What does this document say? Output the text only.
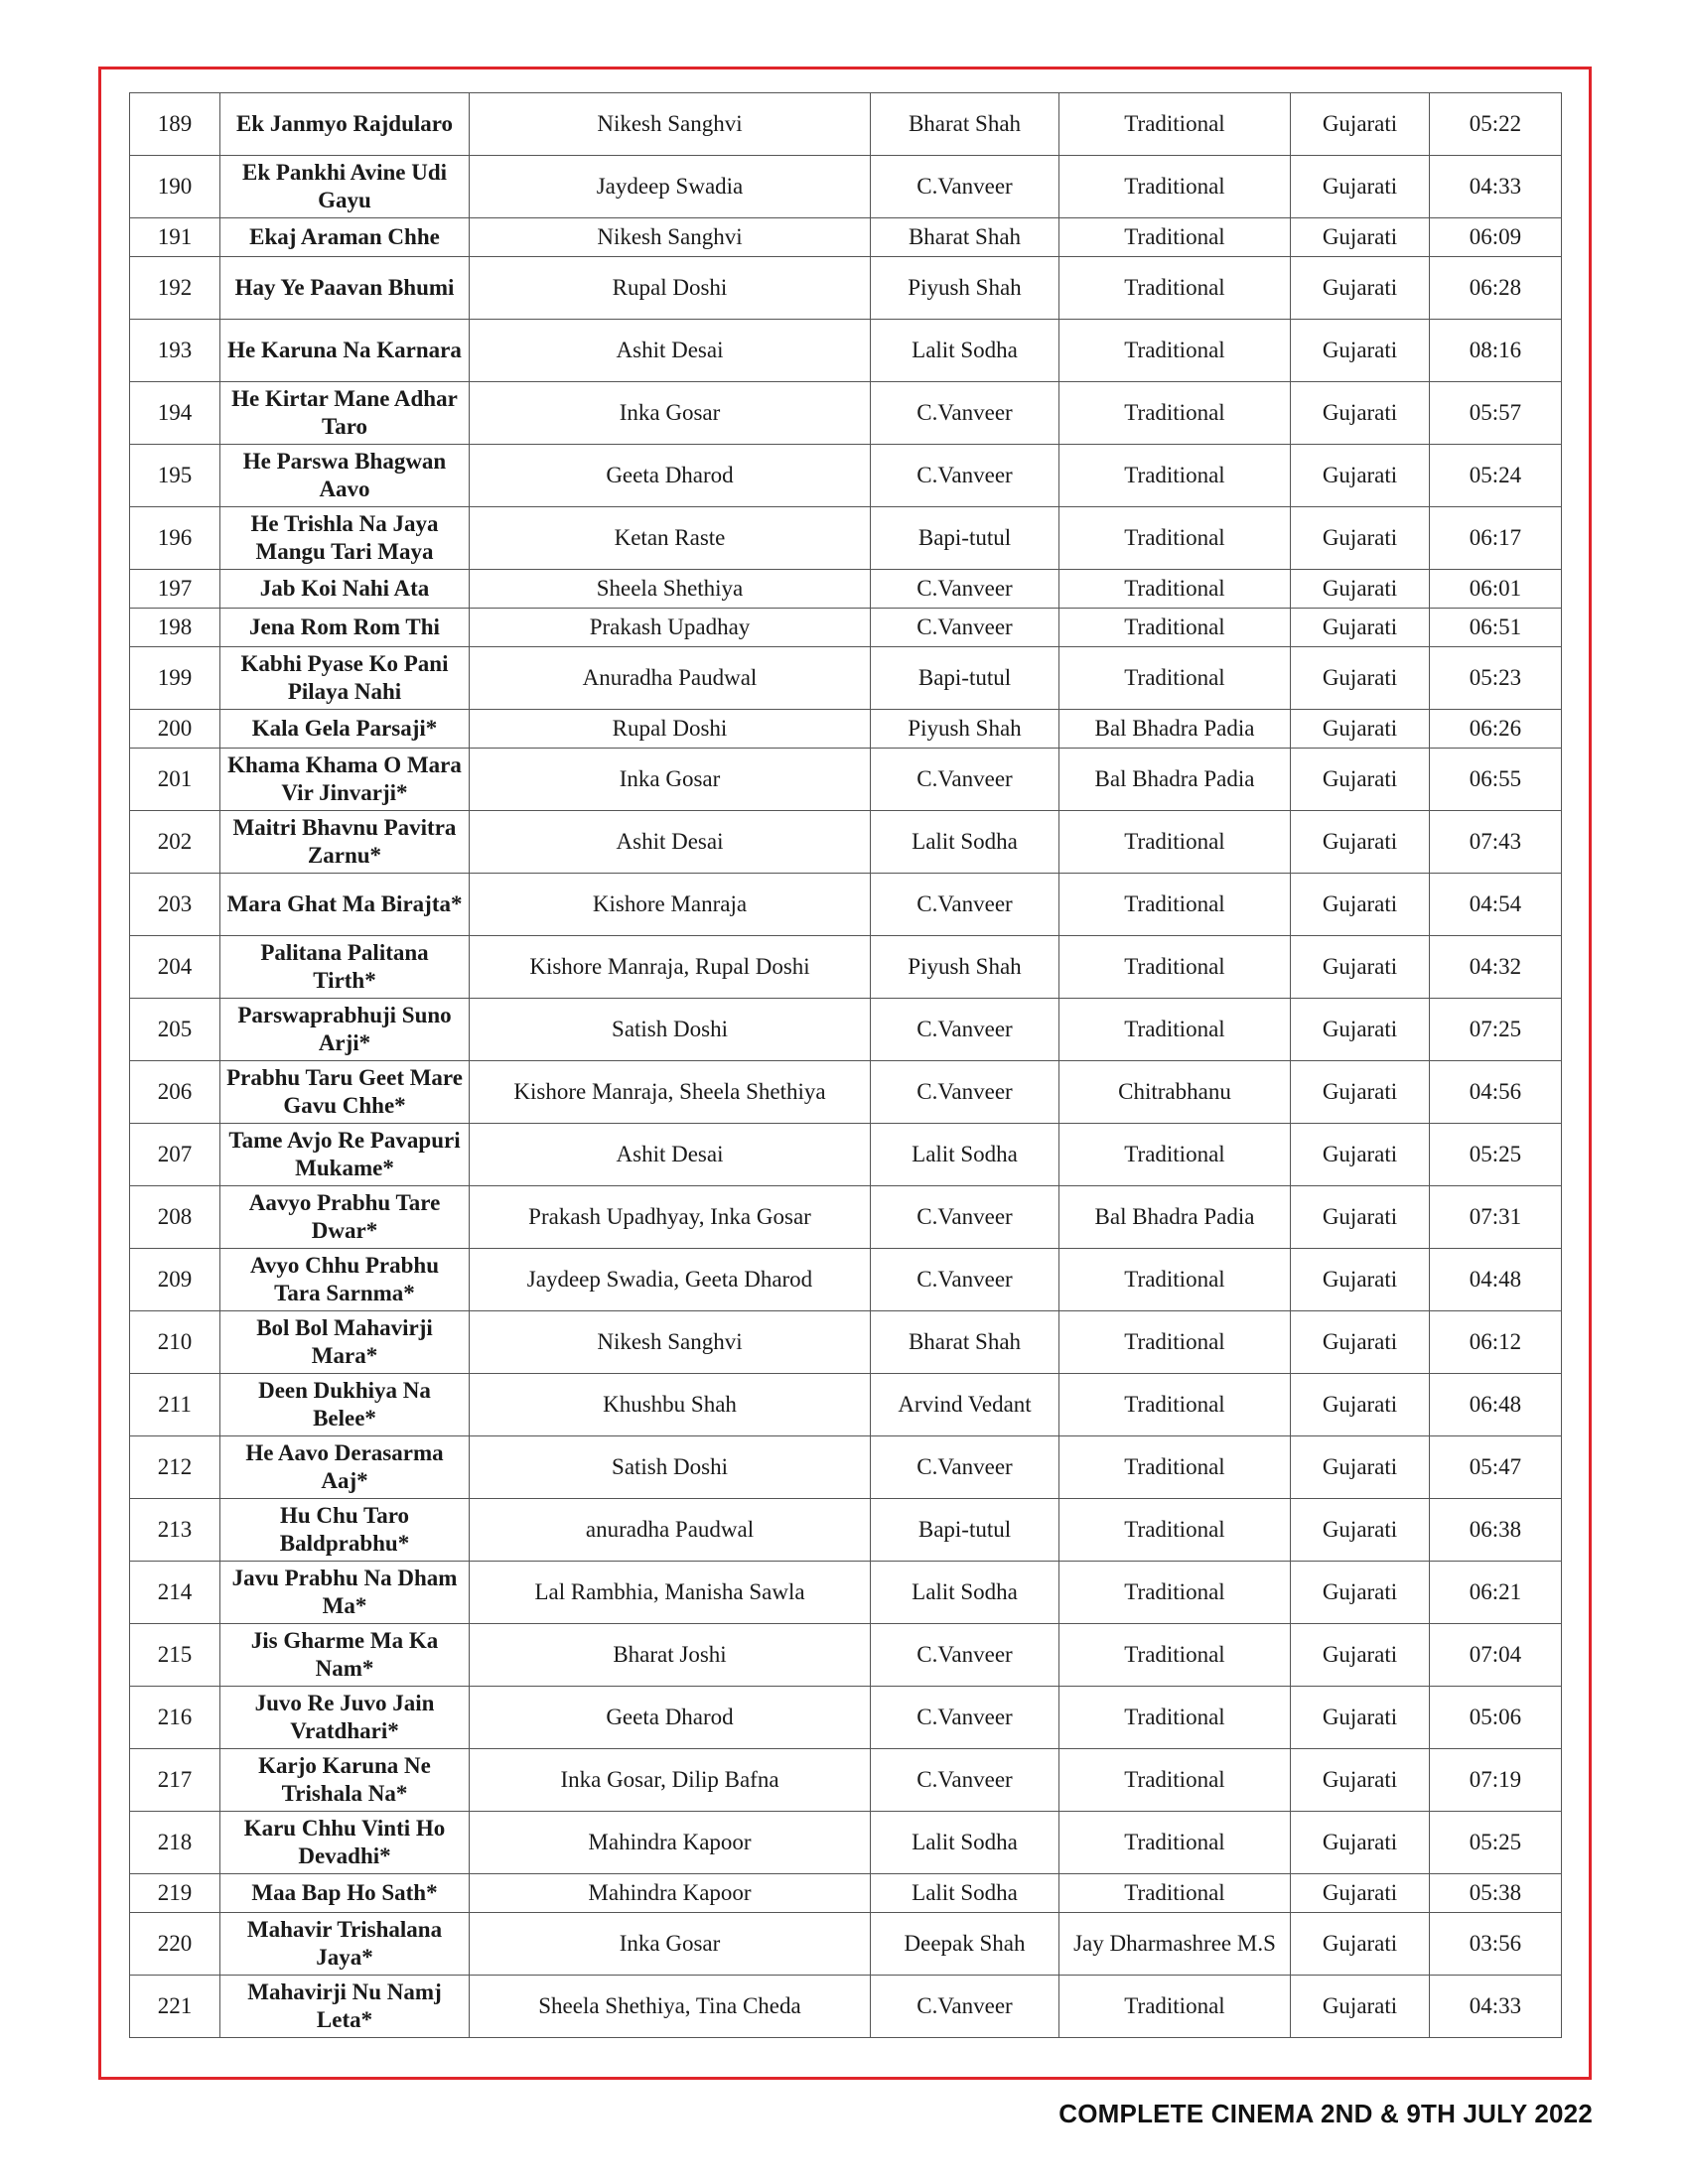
189	Ek Janmyo Rajdularo	Nikesh Sanghvi	Bharat Shah	Traditional	Gujarati	05:22
190	Ek Pankhi Avine Udi Gayu	Jaydeep Swadia	C.Vanveer	Traditional	Gujarati	04:33
191	Ekaj Araman Chhe	Nikesh Sanghvi	Bharat Shah	Traditional	Gujarati	06:09
192	Hay Ye Paavan Bhumi	Rupal Doshi	Piyush Shah	Traditional	Gujarati	06:28
193	He Karuna Na Karnara	Ashit Desai	Lalit Sodha	Traditional	Gujarati	08:16
194	He Kirtar Mane Adhar Taro	Inka Gosar	C.Vanveer	Traditional	Gujarati	05:57
195	He Parswa Bhagwan Aavo	Geeta Dharod	C.Vanveer	Traditional	Gujarati	05:24
196	He Trishla Na Jaya Mangu Tari Maya	Ketan Raste	Bapi-tutul	Traditional	Gujarati	06:17
197	Jab Koi Nahi Ata	Sheela Shethiya	C.Vanveer	Traditional	Gujarati	06:01
198	Jena Rom Rom Thi	Prakash Upadhay	C.Vanveer	Traditional	Gujarati	06:51
199	Kabhi Pyase Ko Pani Pilaya Nahi	Anuradha Paudwal	Bapi-tutul	Traditional	Gujarati	05:23
200	Kala Gela Parsaji*	Rupal Doshi	Piyush Shah	Bal Bhadra Padia	Gujarati	06:26
201	Khama Khama O Mara Vir Jinvarji*	Inka Gosar	C.Vanveer	Bal Bhadra Padia	Gujarati	06:55
202	Maitri Bhavnu Pavitra Zarnu*	Ashit Desai	Lalit Sodha	Traditional	Gujarati	07:43
203	Mara Ghat Ma Birajta*	Kishore Manraja	C.Vanveer	Traditional	Gujarati	04:54
204	Palitana Palitana Tirth*	Kishore Manraja, Rupal Doshi	Piyush Shah	Traditional	Gujarati	04:32
205	Parswaprabhuji Suno Arji*	Satish Doshi	C.Vanveer	Traditional	Gujarati	07:25
206	Prabhu Taru Geet Mare Gavu Chhe*	Kishore Manraja, Sheela Shethiya	C.Vanveer	Chitrabhanu	Gujarati	04:56
207	Tame Avjo Re Pavapuri Mukame*	Ashit Desai	Lalit Sodha	Traditional	Gujarati	05:25
208	Aavyo Prabhu Tare Dwar*	Prakash Upadhyay, Inka Gosar	C.Vanveer	Bal Bhadra Padia	Gujarati	07:31
209	Avyo Chhu Prabhu Tara Sarnma*	Jaydeep Swadia, Geeta Dharod	C.Vanveer	Traditional	Gujarati	04:48
210	Bol Bol Mahavirji Mara*	Nikesh Sanghvi	Bharat Shah	Traditional	Gujarati	06:12
211	Deen Dukhiya Na Belee*	Khushbu Shah	Arvind Vedant	Traditional	Gujarati	06:48
212	He Aavo Derasarma Aaj*	Satish Doshi	C.Vanveer	Traditional	Gujarati	05:47
213	Hu Chu Taro Baldprabhu*	anuradha Paudwal	Bapi-tutul	Traditional	Gujarati	06:38
214	Javu Prabhu Na Dham Ma*	Lal Rambhia, Manisha Sawla	Lalit Sodha	Traditional	Gujarati	06:21
215	Jis Gharme Ma Ka Nam*	Bharat Joshi	C.Vanveer	Traditional	Gujarati	07:04
216	Juvo Re Juvo Jain Vratdhari*	Geeta Dharod	C.Vanveer	Traditional	Gujarati	05:06
217	Karjo Karuna Ne Trishala Na*	Inka Gosar, Dilip Bafna	C.Vanveer	Traditional	Gujarati	07:19
218	Karu Chhu Vinti Ho Devadhi*	Mahindra Kapoor	Lalit Sodha	Traditional	Gujarati	05:25
219	Maa Bap Ho Sath*	Mahindra Kapoor	Lalit Sodha	Traditional	Gujarati	05:38
220	Mahavir Trishalana Jaya*	Inka Gosar	Deepak Shah	Jay Dharmashree M.S	Gujarati	03:56
221	Mahavirji Nu Namj Leta*	Sheela Shethiya, Tina Cheda	C.Vanveer	Traditional	Gujarati	04:33
COMPLETE CINEMA 2ND & 9TH JULY 2022
